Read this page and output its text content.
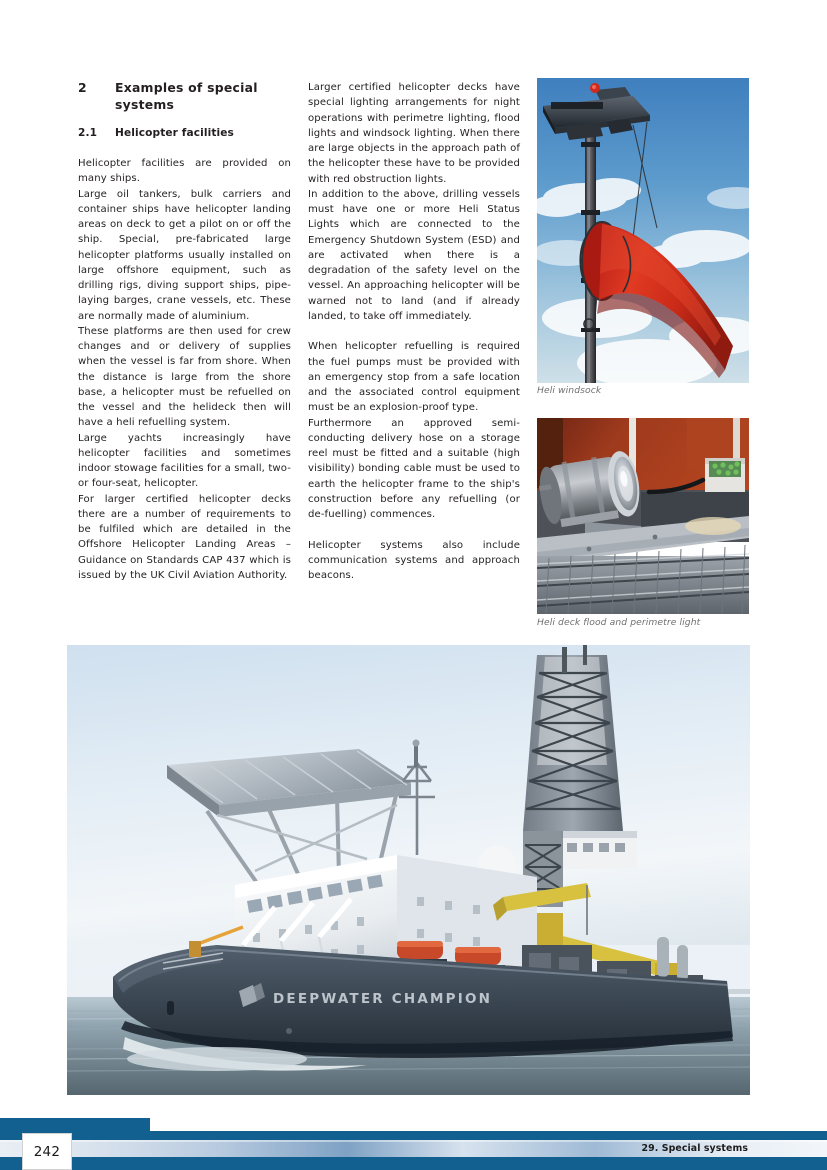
2	Examples of special systems
2.1	Helicopter facilities

Helicopter facilities are provided on many ships.

Large oil tankers, bulk carriers and container ships have helicopter landing areas on deck to get a pilot on or off the ship. Special, pre-fabricated large helicopter platforms usually installed on large offshore equipment, such as drilling rigs, diving support ships, pipe-laying barges, crane vessels, etc. These are normally made of aluminium.

These platforms are then used for crew changes and or delivery of supplies when the vessel is far from shore. When the distance is large from the shore base, a helicopter must be refuelled on the vessel and the helideck then will have a heli refuelling system.

Large yachts increasingly have helicopter facilities and sometimes indoor stowage facilities for a small, two- or four-seat, helicopter.

For larger certified helicopter decks there are a number of requirements to be fulfiled which are detailed in the Offshore Helicopter Landing Areas – Guidance on Standards CAP 437 which is issued by the UK Civil Aviation Authority.

Larger certified helicopter decks have special lighting arrangements for night operations with perimetre lighting, flood lights and windsock lighting. When there are large objects in the approach path of the helicopter these have to be provided with red obstruction lights.

In addition to the above, drilling vessels must have one or more Heli Status Lights which are connected to the Emergency Shutdown System (ESD) and are activated when there is a degradation of the safety level on the vessel. An approaching helicopter will be warned not to land (and if already landed, to take off immediately.

When helicopter refuelling is required the fuel pumps must be provided with an emergency stop from a safe location and the associated control equipment must be an explosion-proof type.

Furthermore an approved semi-conducting delivery hose on a storage reel must be fitted and a suitable (high visibility) bonding cable must be used to earth the helicopter frame to the ship's construction before any refuelling (or de-fuelling) commences.

Helicopter systems also include communication systems and approach beacons.

Heli windsock
Heli deck flood and perimetre light
DEEPWATER CHAMPION
242	29. Special systems
